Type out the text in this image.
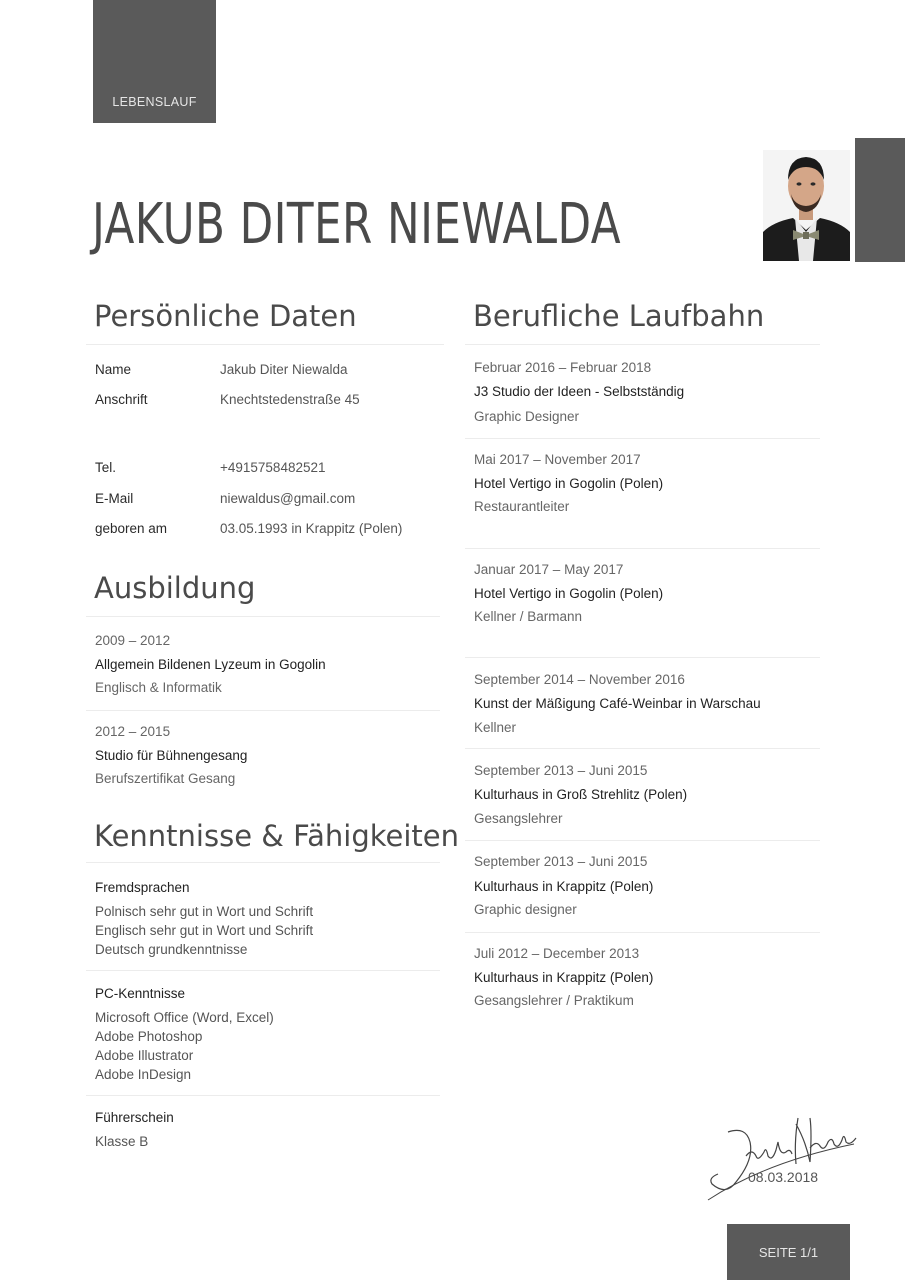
LEBENSLAUF
JAKUB DITER NIEWALDA
Persönliche Daten
Name	Jakub Diter Niewalda
Anschrift	Knechtstedenstraße 45
Tel.	+4915758482521
E-Mail	niewaldus@gmail.com
geboren am	03.05.1993 in Krappitz (Polen)
Ausbildung
2009 – 2012
Allgemein Bildenen Lyzeum in Gogolin
Englisch & Informatik
2012 – 2015
Studio für Bühnengesang
Berufszertifikat Gesang
Kenntnisse & Fähigkeiten
Fremdsprachen
Polnisch sehr gut in Wort und Schrift
Englisch sehr gut in Wort und Schrift
Deutsch grundkenntnisse
PC-Kenntnisse
Microsoft Office (Word, Excel)
Adobe Photoshop
Adobe Illustrator
Adobe InDesign
Führerschein
Klasse B
Berufliche Laufbahn
Februar 2016 – Februar 2018
J3 Studio der Ideen - Selbstständig
Graphic Designer
Mai 2017 – November 2017
Hotel Vertigo in Gogolin (Polen)
Restaurantleiter
Januar 2017 – May 2017
Hotel Vertigo in Gogolin (Polen)
Kellner / Barmann
September 2014 – November 2016
Kunst der Mäßigung Café-Weinbar in Warschau
Kellner
September 2013 – Juni 2015
Kulturhaus in Groß Strehlitz (Polen)
Gesangslehrer
September 2013 – Juni 2015
Kulturhaus in Krappitz (Polen)
Graphic designer
Juli 2012 – December 2013
Kulturhaus in Krappitz (Polen)
Gesangslehrer / Praktikum
08.03.2018
SEITE 1/1
